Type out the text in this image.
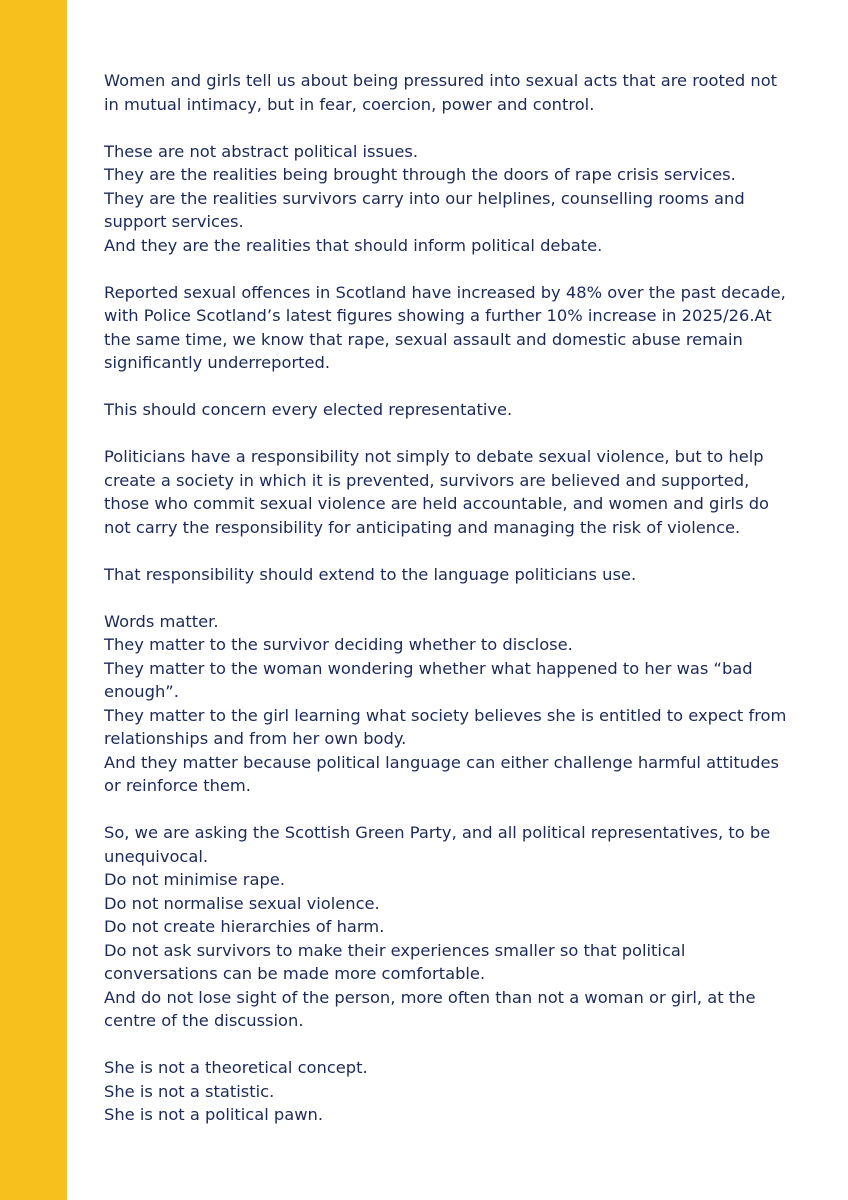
Women and girls tell us about being pressured into sexual acts that are rooted not in mutual intimacy, but in fear, coercion, power and control.
These are not abstract political issues.
They are the realities being brought through the doors of rape crisis services.
They are the realities survivors carry into our helplines, counselling rooms and support services.
And they are the realities that should inform political debate.
Reported sexual offences in Scotland have increased by 48% over the past decade, with Police Scotland’s latest figures showing a further 10% increase in 2025/26.At the same time, we know that rape, sexual assault and domestic abuse remain significantly underreported.
This should concern every elected representative.
Politicians have a responsibility not simply to debate sexual violence, but to help create a society in which it is prevented, survivors are believed and supported, those who commit sexual violence are held accountable, and women and girls do not carry the responsibility for anticipating and managing the risk of violence.
That responsibility should extend to the language politicians use.
Words matter.
They matter to the survivor deciding whether to disclose.
They matter to the woman wondering whether what happened to her was “bad enough”.
They matter to the girl learning what society believes she is entitled to expect from relationships and from her own body.
And they matter because political language can either challenge harmful attitudes or reinforce them.
So, we are asking the Scottish Green Party, and all political representatives, to be unequivocal.
Do not minimise rape.
Do not normalise sexual violence.
Do not create hierarchies of harm.
Do not ask survivors to make their experiences smaller so that political conversations can be made more comfortable.
And do not lose sight of the person, more often than not a woman or girl, at the centre of the discussion.
She is not a theoretical concept.
She is not a statistic.
She is not a political pawn.
